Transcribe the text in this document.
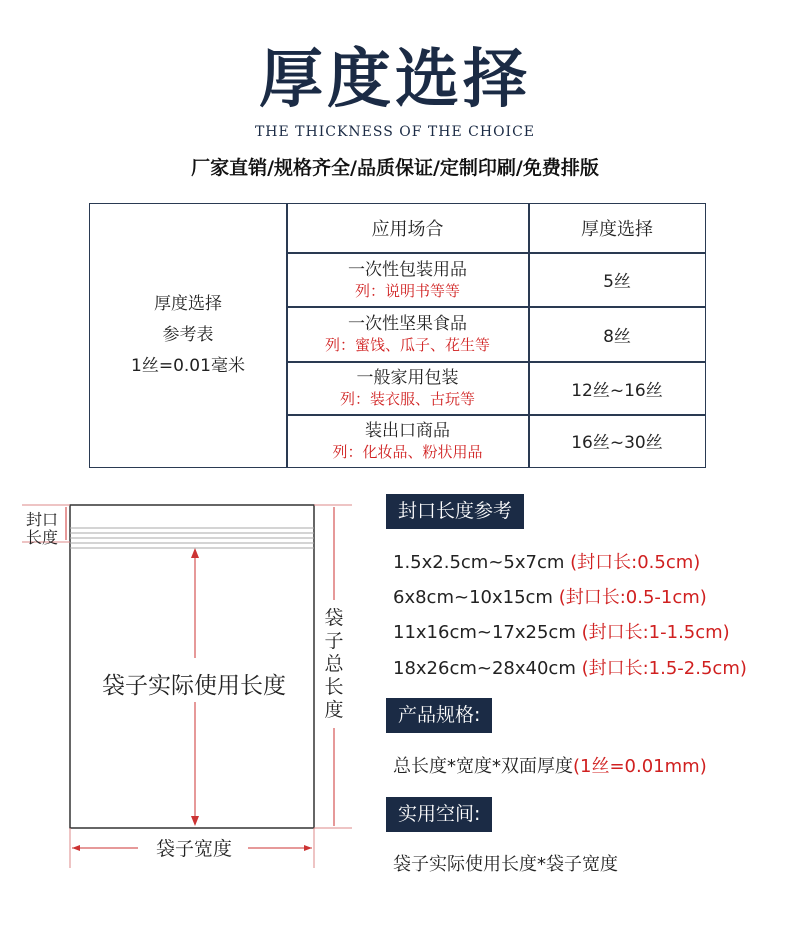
厚度选择
THE THICKNESS OF THE CHOICE
厂家直销/规格齐全/品质保证/定制印刷/免费排版
厚度选择
参考表
1丝=0.01毫米
应用场合	厚度选择
一次性包装用品
列：说明书等等	5丝
一次性坚果食品
列：蜜饯、瓜子、花生等	8丝
一般家用包装
列：装衣服、古玩等	12丝~16丝
装出口商品
列：化妆品、粉状用品	16丝~30丝
封口
长度
袋子实际使用长度
袋
子
总
长
度
袋子宽度
封口长度参考
1.5x2.5cm~5x7cm (封口长:0.5cm)
6x8cm~10x15cm (封口长:0.5-1cm)
11x16cm~17x25cm (封口长:1-1.5cm)
18x26cm~28x40cm (封口长:1.5-2.5cm)
产品规格:
总长度*宽度*双面厚度(1丝=0.01mm)
实用空间:
袋子实际使用长度*袋子宽度
